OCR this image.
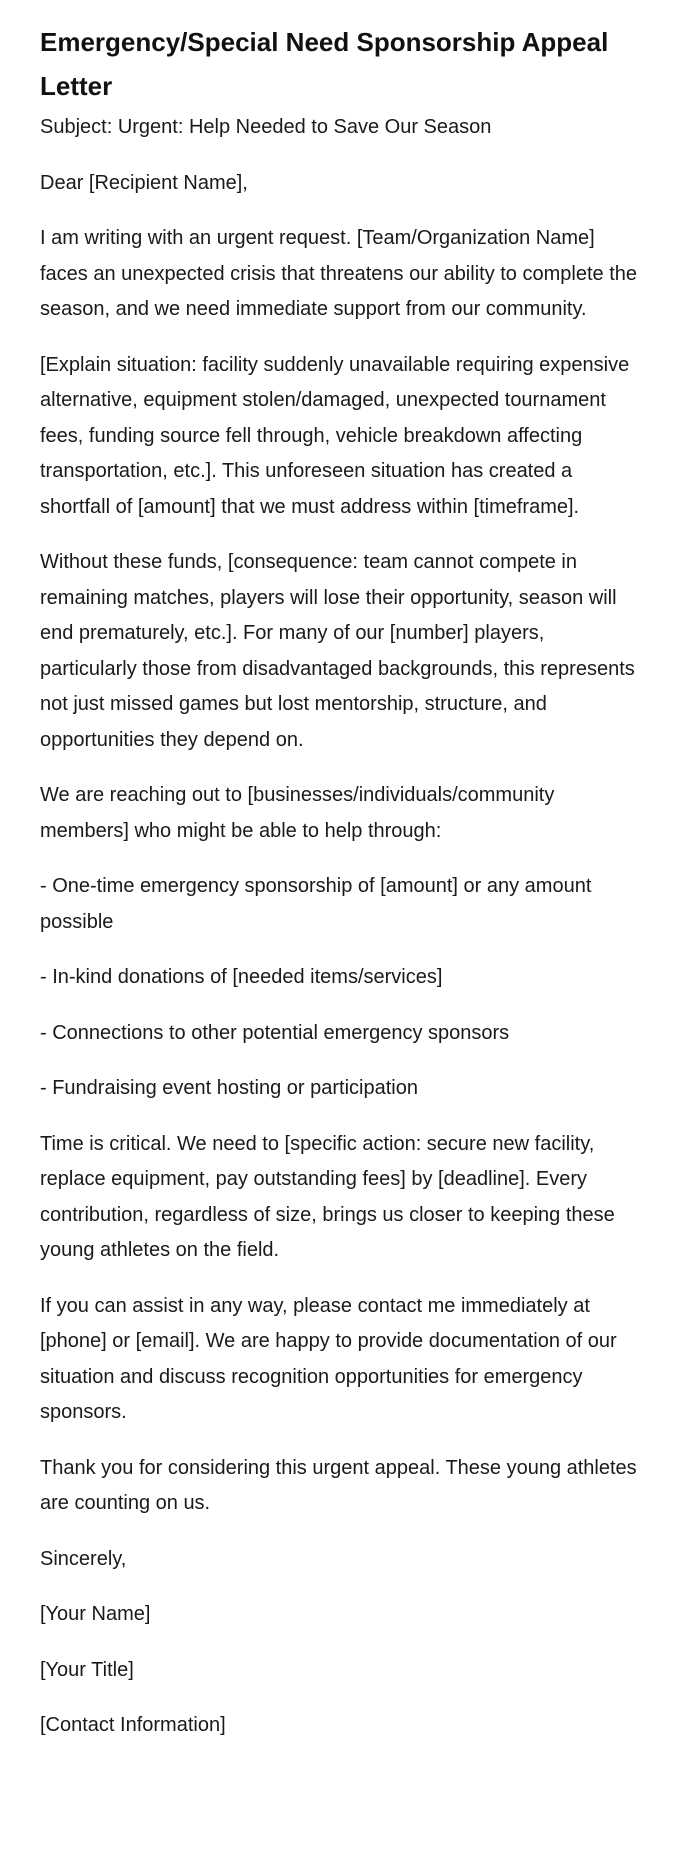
Emergency/Special Need Sponsorship Appeal Letter

Subject: Urgent: Help Needed to Save Our Season

Dear [Recipient Name],

I am writing with an urgent request. [Team/Organization Name] faces an unexpected crisis that threatens our ability to complete the season, and we need immediate support from our community.

[Explain situation: facility suddenly unavailable requiring expensive alternative, equipment stolen/damaged, unexpected tournament fees, funding source fell through, vehicle breakdown affecting transportation, etc.]. This unforeseen situation has created a shortfall of [amount] that we must address within [timeframe].

Without these funds, [consequence: team cannot compete in remaining matches, players will lose their opportunity, season will end prematurely, etc.]. For many of our [number] players, particularly those from disadvantaged backgrounds, this represents not just missed games but lost mentorship, structure, and opportunities they depend on.

We are reaching out to [businesses/individuals/community members] who might be able to help through:

- One-time emergency sponsorship of [amount] or any amount possible

- In-kind donations of [needed items/services]

- Connections to other potential emergency sponsors

- Fundraising event hosting or participation

Time is critical. We need to [specific action: secure new facility, replace equipment, pay outstanding fees] by [deadline]. Every contribution, regardless of size, brings us closer to keeping these young athletes on the field.

If you can assist in any way, please contact me immediately at [phone] or [email]. We are happy to provide documentation of our situation and discuss recognition opportunities for emergency sponsors.

Thank you for considering this urgent appeal. These young athletes are counting on us.

Sincerely,

[Your Name]

[Your Title]

[Contact Information]
